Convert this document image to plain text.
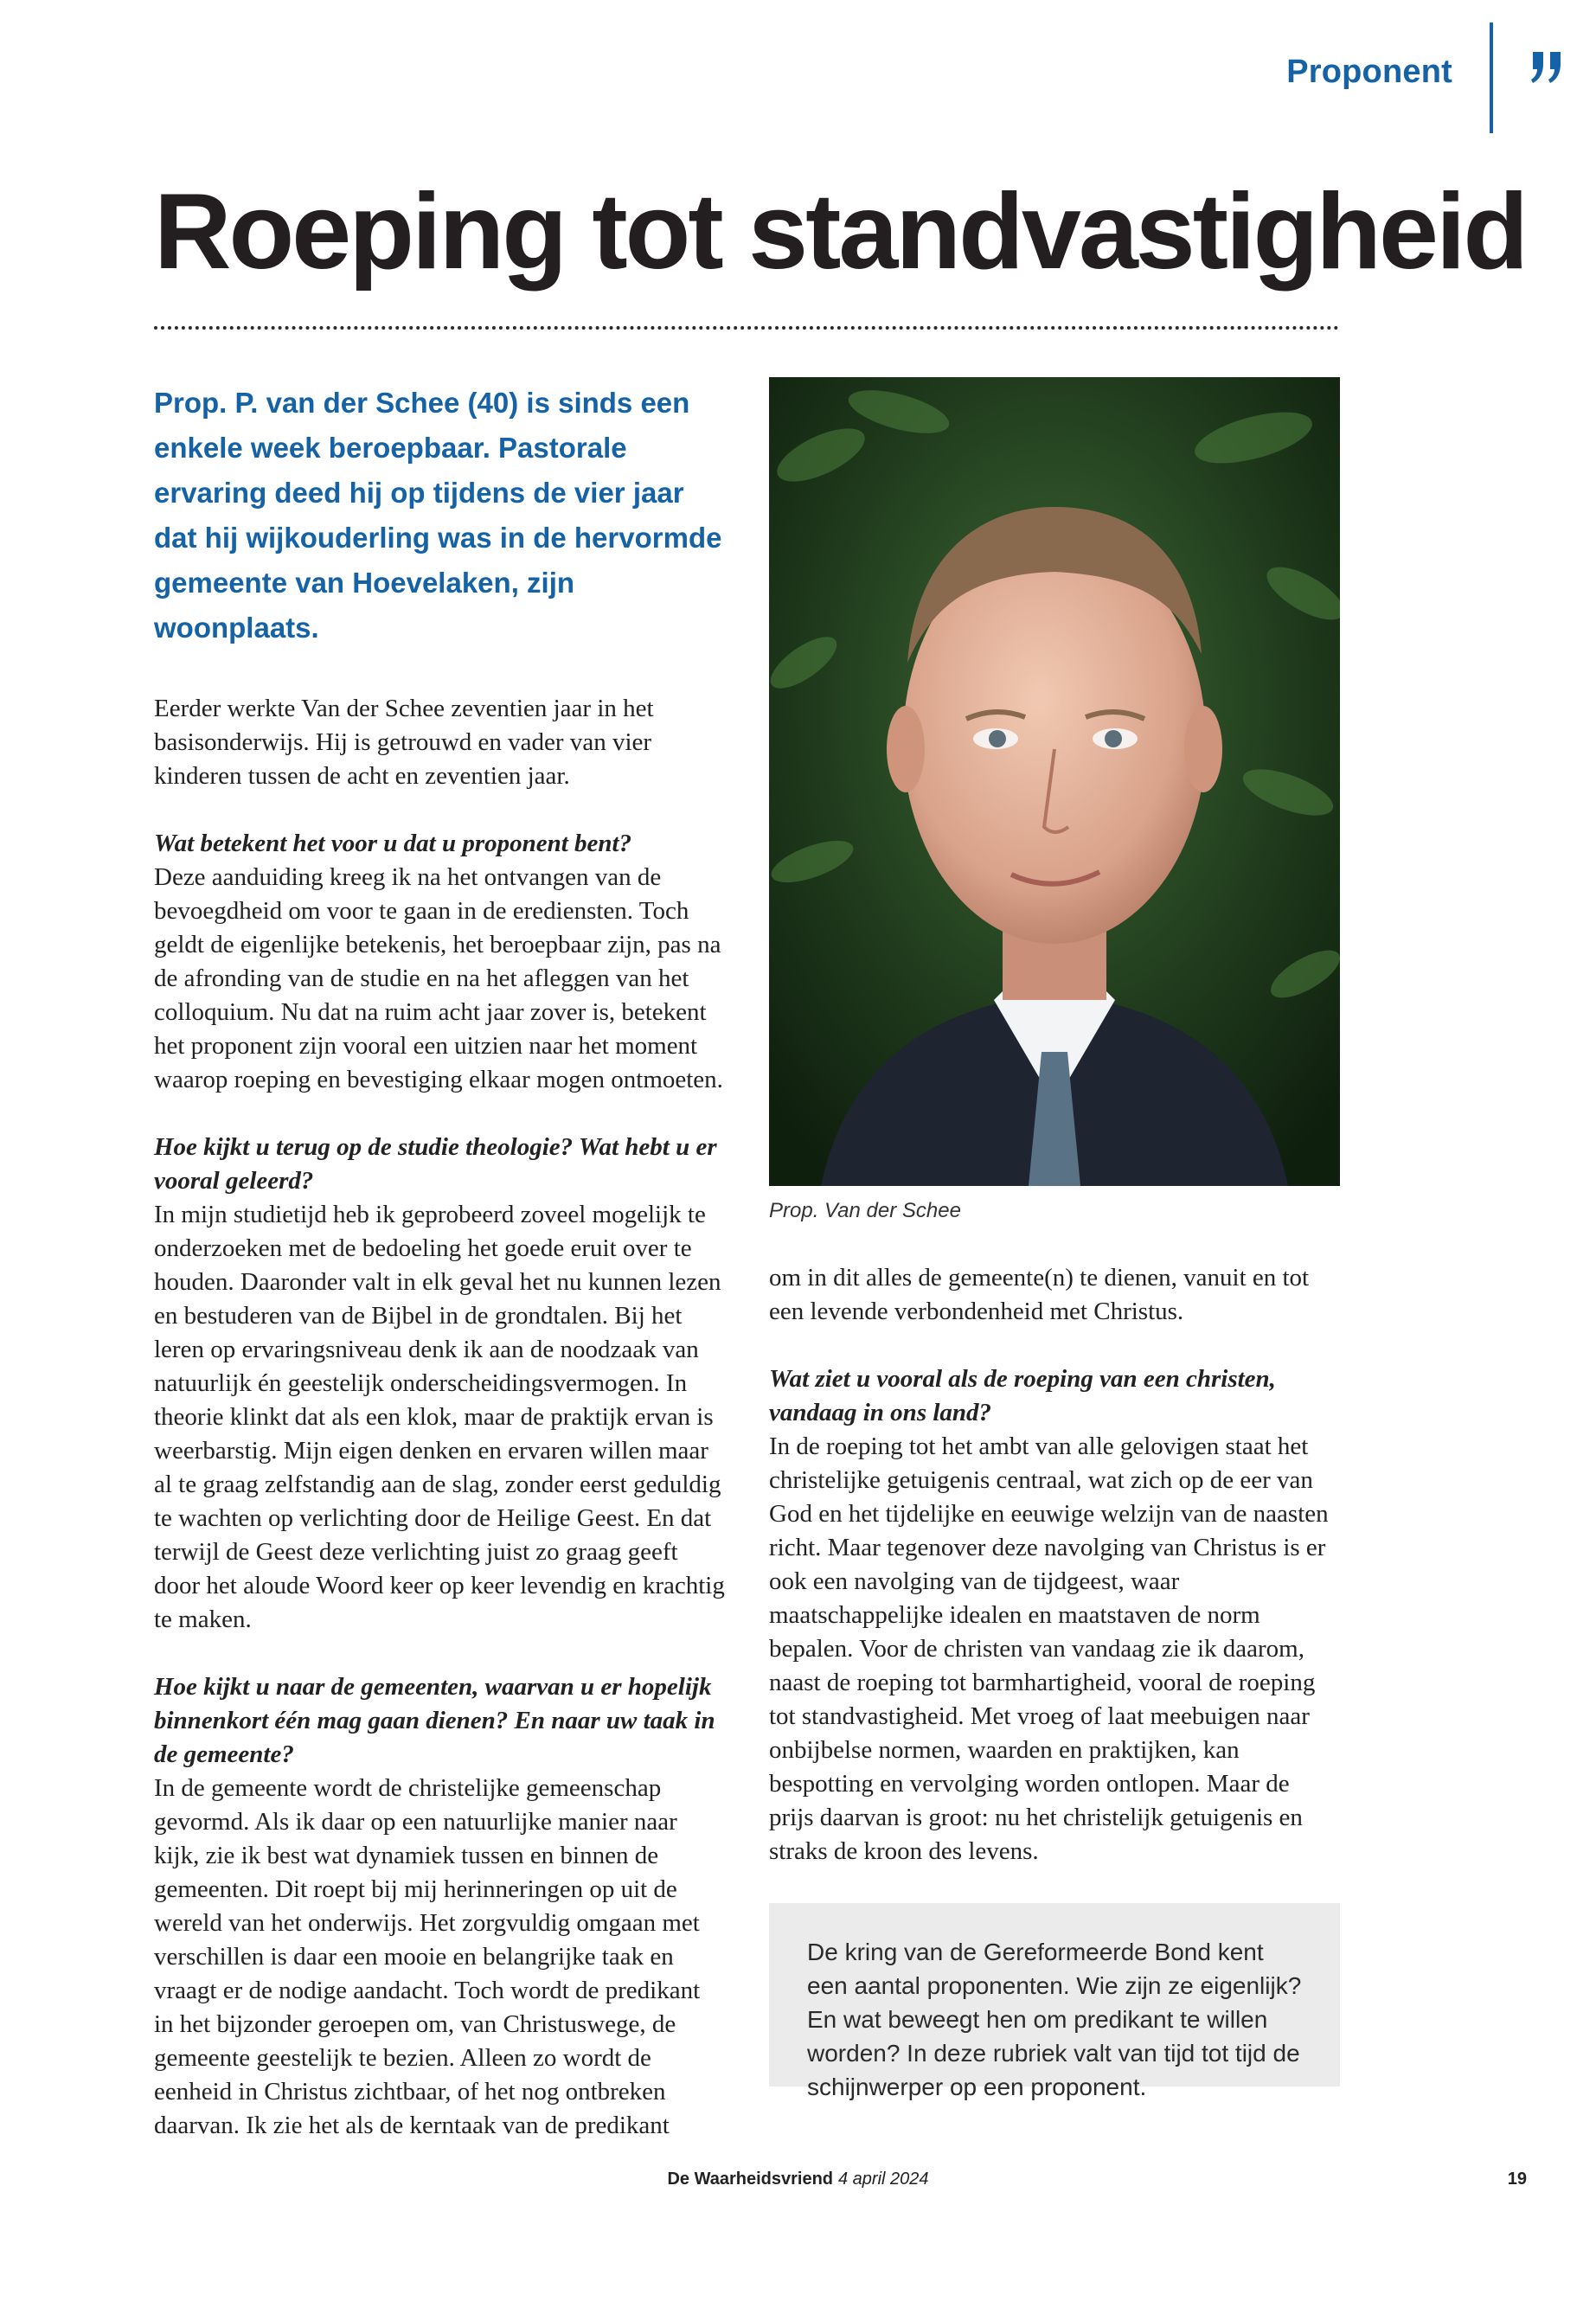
Proponent
Roeping tot standvastigheid

Prop. P. van der Schee (40) is sinds een enkele week beroepbaar. Pastorale ervaring deed hij op tijdens de vier jaar dat hij wijkouderling was in de hervormde gemeente van Hoevelaken, zijn woonplaats.

Eerder werkte Van der Schee zeventien jaar in het basisonderwijs. Hij is getrouwd en vader van vier kinderen tussen de acht en zeventien jaar.

Wat betekent het voor u dat u proponent bent?

Deze aanduiding kreeg ik na het ontvangen van de bevoegdheid om voor te gaan in de erediensten. Toch geldt de eigenlijke betekenis, het beroepbaar zijn, pas na de afronding van de studie en na het afleggen van het colloquium. Nu dat na ruim acht jaar zover is, betekent het proponent zijn vooral een uitzien naar het moment waarop roeping en bevestiging elkaar mogen ontmoeten.

Hoe kijkt u terug op de studie theologie? Wat hebt u er vooral geleerd?

In mijn studietijd heb ik geprobeerd zoveel mogelijk te onderzoeken met de bedoeling het goede eruit over te houden. Daaronder valt in elk geval het nu kunnen lezen en bestuderen van de Bijbel in de grondtalen. Bij het leren op ervaringsniveau denk ik aan de noodzaak van natuurlijk én geestelijk onderscheidingsvermogen. In theorie klinkt dat als een klok, maar de praktijk ervan is weerbarstig. Mijn eigen denken en ervaren willen maar al te graag zelfstandig aan de slag, zonder eerst geduldig te wachten op verlichting door de Heilige Geest. En dat terwijl de Geest deze verlichting juist zo graag geeft door het aloude Woord keer op keer levendig en krachtig te maken.

Hoe kijkt u naar de gemeenten, waarvan u er hopelijk binnenkort één mag gaan dienen? En naar uw taak in de gemeente?

In de gemeente wordt de christelijke gemeenschap gevormd. Als ik daar op een natuurlijke manier naar kijk, zie ik best wat dynamiek tussen en binnen de gemeenten. Dit roept bij mij herinneringen op uit de wereld van het onderwijs. Het zorgvuldig omgaan met verschillen is daar een mooie en belangrijke taak en vraagt er de nodige aandacht. Toch wordt de predikant in het bijzonder geroepen om, van Christuswege, de gemeente geestelijk te bezien. Alleen zo wordt de eenheid in Christus zichtbaar, of het nog ontbreken daarvan. Ik zie het als de kerntaak van de predikant

Prop. Van der Schee

om in dit alles de gemeente(n) te dienen, vanuit en tot een levende verbondenheid met Christus.

Wat ziet u vooral als de roeping van een christen, vandaag in ons land?

In de roeping tot het ambt van alle gelovigen staat het christelijke getuigenis centraal, wat zich op de eer van God en het tijdelijke en eeuwige welzijn van de naasten richt. Maar tegenover deze navolging van Christus is er ook een navolging van de tijdgeest, waar maatschappelijke idealen en maatstaven de norm bepalen. Voor de christen van vandaag zie ik daarom, naast de roeping tot barmhartigheid, vooral de roeping tot standvastigheid. Met vroeg of laat meebuigen naar onbijbelse normen, waarden en praktijken, kan bespotting en vervolging worden ontlopen. Maar de prijs daarvan is groot: nu het christelijk getuigenis en straks de kroon des levens.

De kring van de Gereformeerde Bond kent een aantal proponenten. Wie zijn ze eigenlijk? En wat beweegt hen om predikant te willen worden? In deze rubriek valt van tijd tot tijd de schijnwerper op een proponent.

De Waarheidsvriend 4 april 2024	19
